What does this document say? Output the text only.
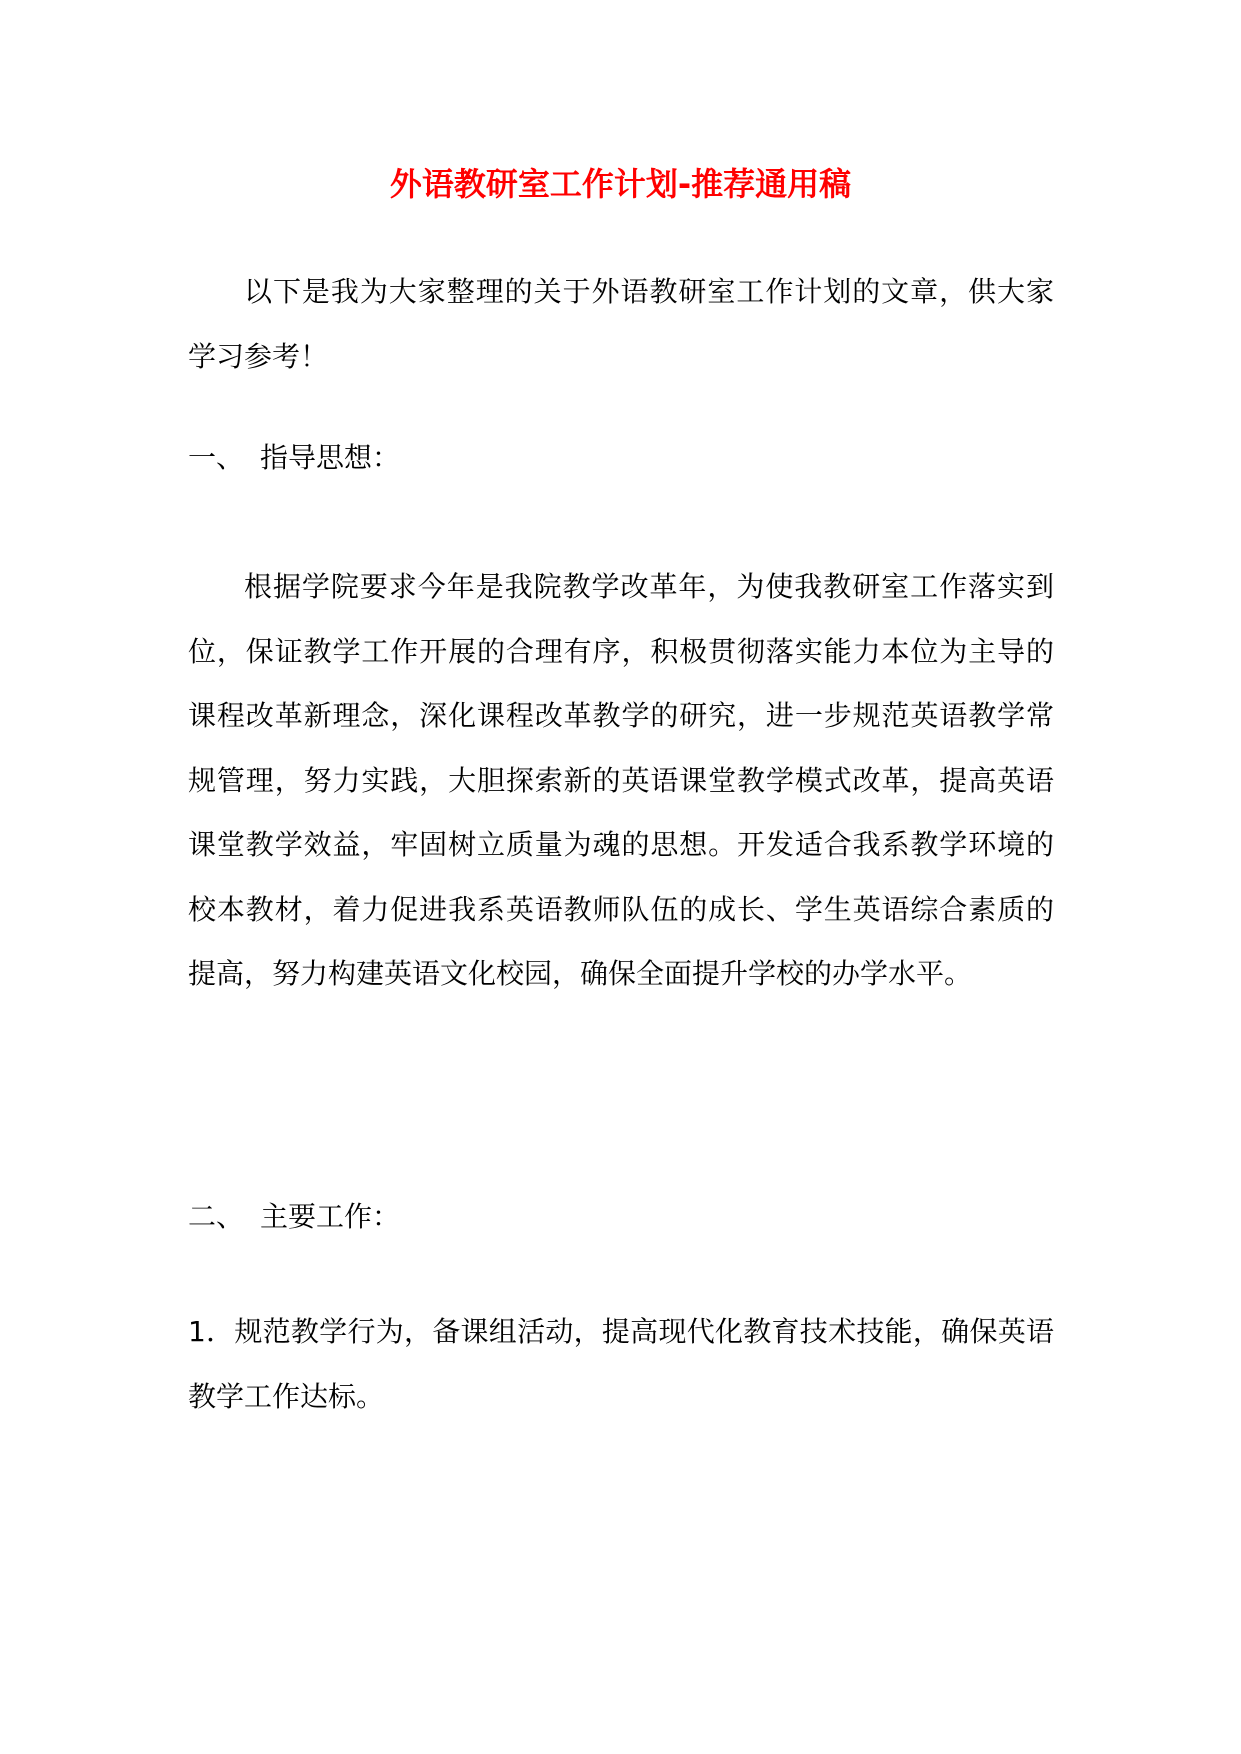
外语教研室工作计划-推荐通用稿
以下是我为大家整理的关于外语教研室工作计划的文章，供大家学习参考！
一、 指导思想：
根据学院要求今年是我院教学改革年，为使我教研室工作落实到位，保证教学工作开展的合理有序，积极贯彻落实能力本位为主导的课程改革新理念，深化课程改革教学的研究，进一步规范英语教学常规管理，努力实践，大胆探索新的英语课堂教学模式改革，提高英语课堂教学效益，牢固树立质量为魂的思想。开发适合我系教学环境的校本教材，着力促进我系英语教师队伍的成长、学生英语综合素质的提高，努力构建英语文化校园，确保全面提升学校的办学水平。
二、 主要工作：
1．规范教学行为，备课组活动，提高现代化教育技术技能，确保英语教学工作达标。
